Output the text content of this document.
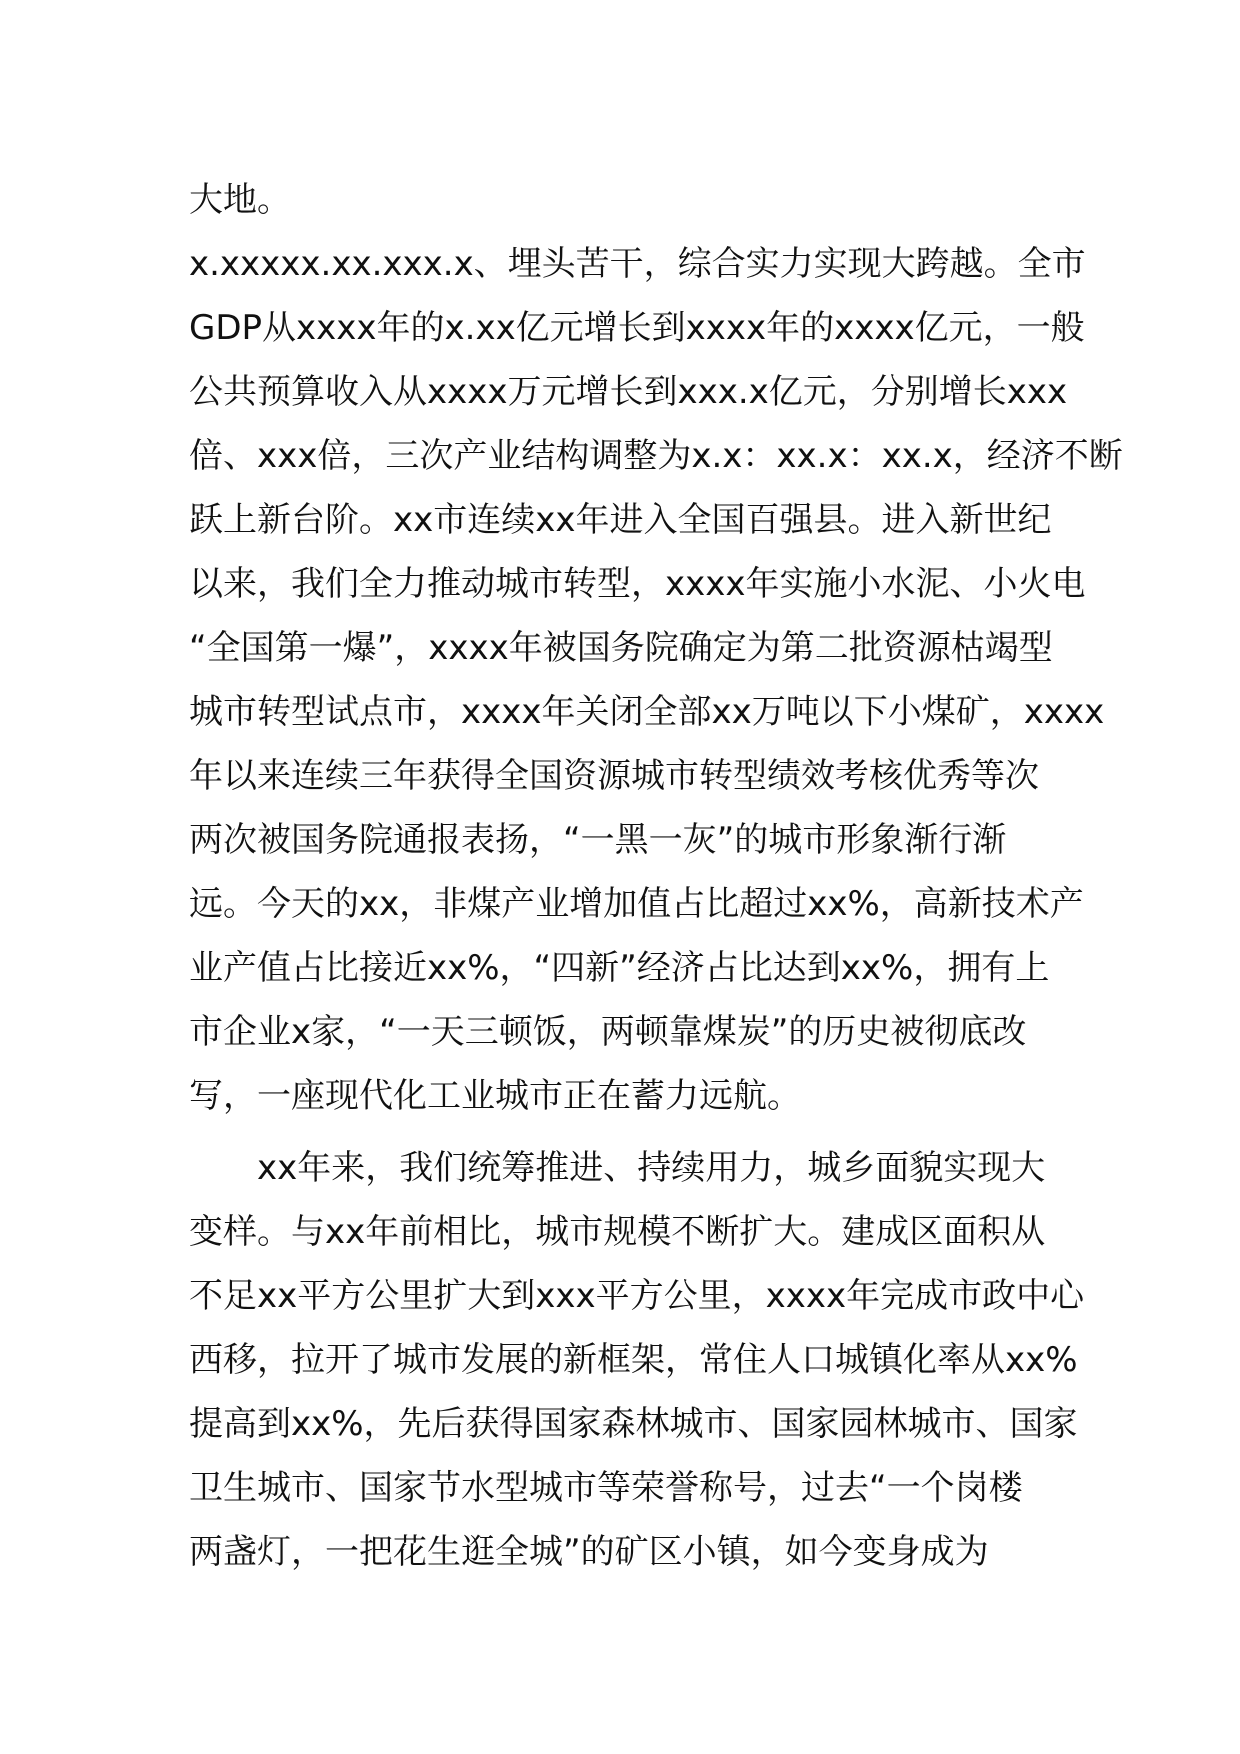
大地。

x.xxxxx.xx.xxx.x、埋头苦干，综合实力实现大跨越。全市

GDP从xxxx年的x.xx亿元增长到xxxx年的xxxx亿元，一般

公共预算收入从xxxx万元增长到xxx.x亿元，分别增长xxx

倍、xxx倍，三次产业结构调整为x.x：xx.x：xx.x，经济不断

跃上新台阶。xx市连续xx年进入全国百强县。进入新世纪

以来，我们全力推动城市转型，xxxx年实施小水泥、小火电

“全国第一爆”，xxxx年被国务院确定为第二批资源枯竭型

城市转型试点市，xxxx年关闭全部xx万吨以下小煤矿，xxxx

年以来连续三年获得全国资源城市转型绩效考核优秀等次

两次被国务院通报表扬，“一黑一灰”的城市形象渐行渐

远。今天的xx，非煤产业增加值占比超过xx%，高新技术产

业产值占比接近xx%，“四新”经济占比达到xx%，拥有上

市企业x家，“一天三顿饭，两顿靠煤炭”的历史被彻底改

写，一座现代化工业城市正在蓄力远航。

xx年来，我们统筹推进、持续用力，城乡面貌实现大

变样。与xx年前相比，城市规模不断扩大。建成区面积从

不足xx平方公里扩大到xxx平方公里，xxxx年完成市政中心

西移，拉开了城市发展的新框架，常住人口城镇化率从xx%

提高到xx%，先后获得国家森林城市、国家园林城市、国家

卫生城市、国家节水型城市等荣誉称号，过去“一个岗楼

两盏灯，一把花生逛全城”的矿区小镇，如今变身成为
